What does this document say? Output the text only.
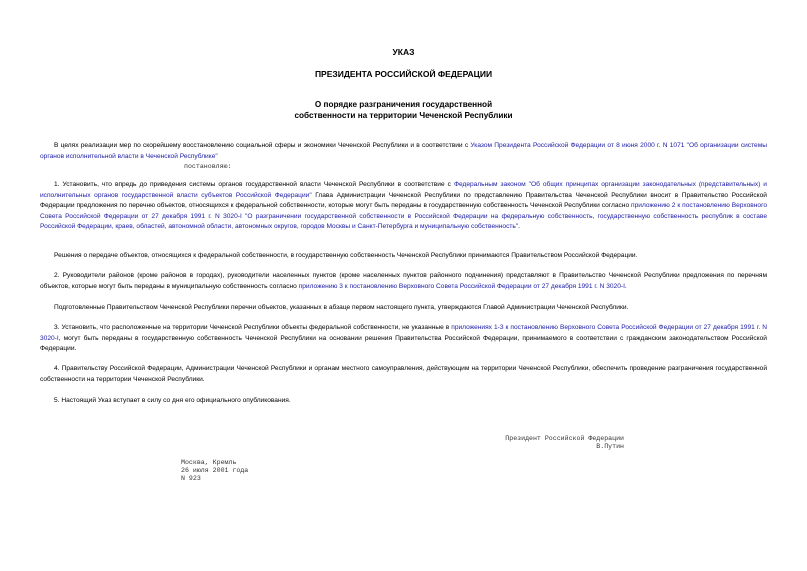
УКАЗ
ПРЕЗИДЕНТА РОССИЙСКОЙ ФЕДЕРАЦИИ
О порядке разграничения государственной
собственности на территории Чеченской Республики
В целях реализации мер по скорейшему восстановлению социальной сферы и экономики Чеченской Республики и в соответствии с Указом Президента Российской Федерации от 8 июня 2000 г. N 1071 "Об организации системы органов исполнительной власти в Чеченской Республике"
постановляю:
1. Установить, что впредь до приведения системы органов государственной власти Чеченской Республики в соответствие с Федеральным законом "Об общих принципах организации законодательных (представительных) и исполнительных органов государственной власти субъектов Российской Федерации" Глава Администрации Чеченской Республики по представлению Правительства Чеченской Республики вносит в Правительство Российской Федерации предложения по перечню объектов, относящихся к федеральной собственности, которые могут быть переданы в государственную собственность Чеченской Республики согласно приложению 2 к постановлению Верховного Совета Российской Федерации от 27 декабря 1991 г. N 3020-I "О разграничении государственной собственности в Российской Федерации на федеральную собственность, государственную собственность республик в составе Российской Федерации, краев, областей, автономной области, автономных округов, городов Москвы и Санкт-Петербурга и муниципальную собственность".
Решения о передаче объектов, относящихся к федеральной собственности, в государственную собственность Чеченской Республики принимаются Правительством Российской Федерации.
2. Руководители районов (кроме районов в городах), руководители населенных пунктов (кроме населенных пунктов районного подчинения) представляют в Правительство Чеченской Республики предложения по перечням объектов, которые могут быть переданы в муниципальную собственность согласно приложению 3 к постановлению Верховного Совета Российской Федерации от 27 декабря 1991 г. N 3020-I.
Подготовленные Правительством Чеченской Республики перечни объектов, указанных в абзаце первом настоящего пункта, утверждаются Главой Администрации Чеченской Республики.
3. Установить, что расположенные на территории Чеченской Республики объекты федеральной собственности, не указанные в приложениях 1-3 к постановлению Верховного Совета Российской Федерации от 27 декабря 1991 г. N 3020-I, могут быть переданы в государственную собственность Чеченской Республики на основании решения Правительства Российской Федерации, принимаемого в соответствии с гражданским законодательством Российской Федерации.
4. Правительству Российской Федерации, Администрации Чеченской Республики и органам местного самоуправления, действующим на территории Чеченской Республики, обеспечить проведение разграничения государственной собственности на территории Чеченской Республики.
5. Настоящий Указ вступает в силу со дня его официального опубликования.
Президент Российской Федерации
В.Путин
Москва, Кремль
26 июля 2001 года
N 923
